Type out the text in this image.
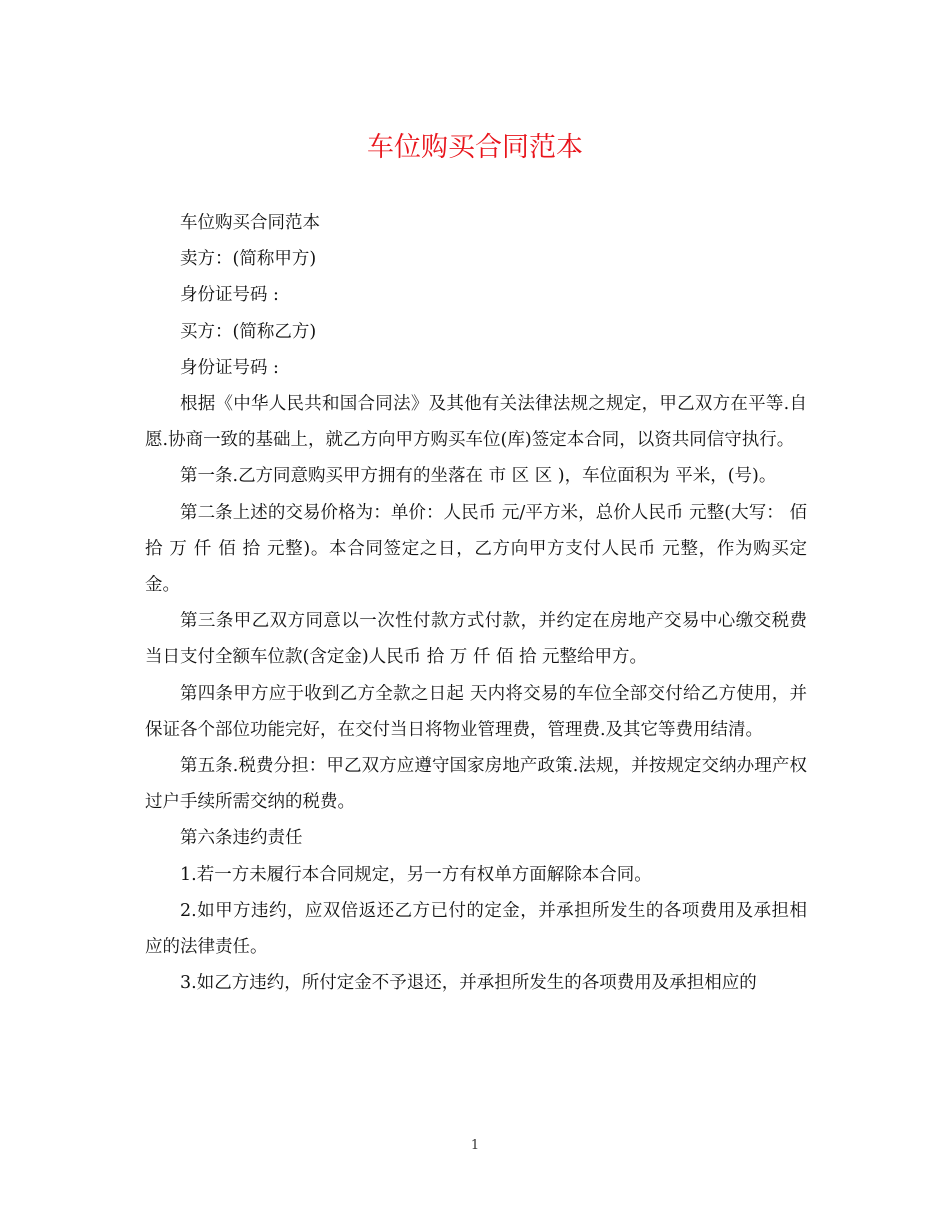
车位购买合同范本

车位购买合同范本

卖方：(简称甲方)

身份证号码 :

买方：(简称乙方)

身份证号码 :

根据《中华人民共和国合同法》及其他有关法律法规之规定，甲乙双方在平等.自愿.协商一致的基础上，就乙方向甲方购买车位(库)签定本合同，以资共同信守执行。

第一条.乙方同意购买甲方拥有的坐落在 市 区 区 )，车位面积为 平米，(号)。

第二条上述的交易价格为：单价：人民币 元/平方米，总价人民币 元整(大写： 佰 拾 万 仟 佰 拾 元整)。本合同签定之日，乙方向甲方支付人民币 元整，作为购买定金。

第三条甲乙双方同意以一次性付款方式付款，并约定在房地产交易中心缴交税费当日支付全额车位款(含定金)人民币 拾 万 仟 佰 拾 元整给甲方。

第四条甲方应于收到乙方全款之日起 天内将交易的车位全部交付给乙方使用，并保证各个部位功能完好，在交付当日将物业管理费，管理费.及其它等费用结清。

第五条.税费分担：甲乙双方应遵守国家房地产政策.法规，并按规定交纳办理产权过户手续所需交纳的税费。

第六条违约责任

1.若一方未履行本合同规定，另一方有权单方面解除本合同。

2.如甲方违约，应双倍返还乙方已付的定金，并承担所发生的各项费用及承担相应的法律责任。

3.如乙方违约，所付定金不予退还，并承担所发生的各项费用及承担相应的

1
